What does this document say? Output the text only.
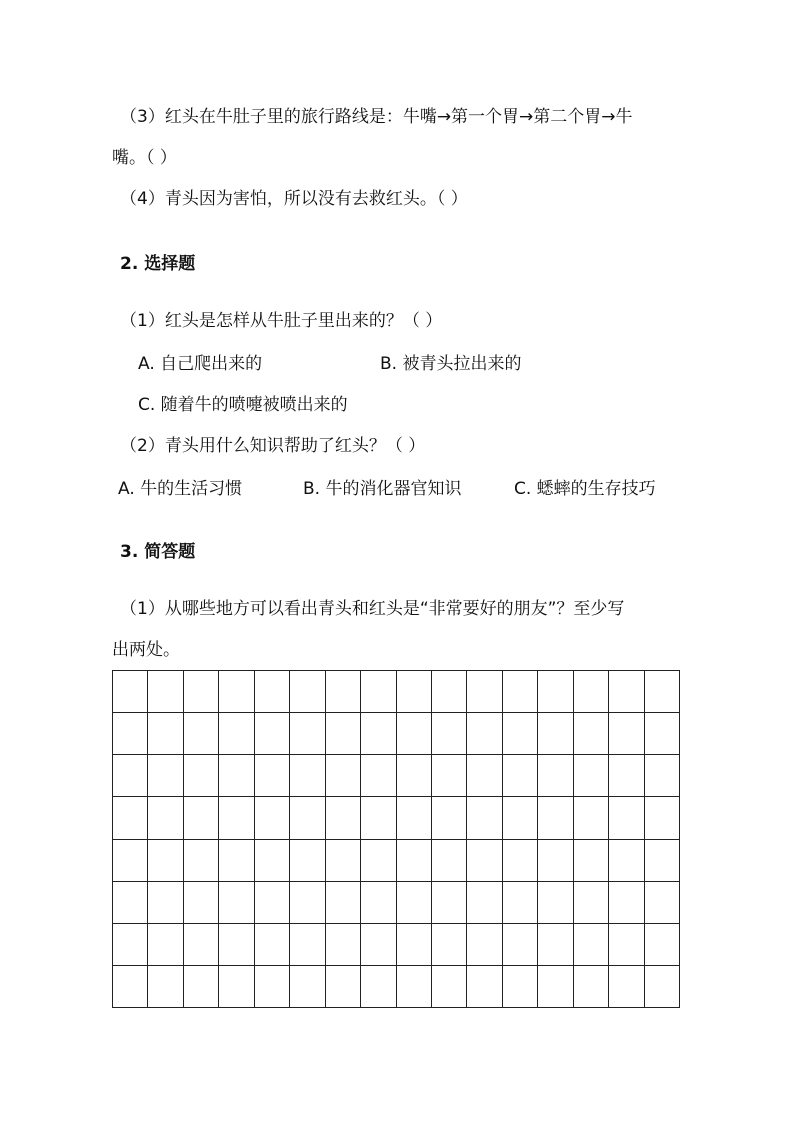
（3）红头在牛肚子里的旅行路线是：牛嘴→第一个胃→第二个胃→牛
嘴。（ ）
（4）青头因为害怕，所以没有去救红头。（ ）
2. 选择题
（1）红头是怎样从牛肚子里出来的？（ ）
A. 自己爬出来的	B. 被青头拉出来的
C. 随着牛的喷嚏被喷出来的
（2）青头用什么知识帮助了红头？（ ）
A. 牛的生活习惯	B. 牛的消化器官知识	C. 蟋蟀的生存技巧
3. 简答题
（1）从哪些地方可以看出青头和红头是“非常要好的朋友”？至少写
出两处。
